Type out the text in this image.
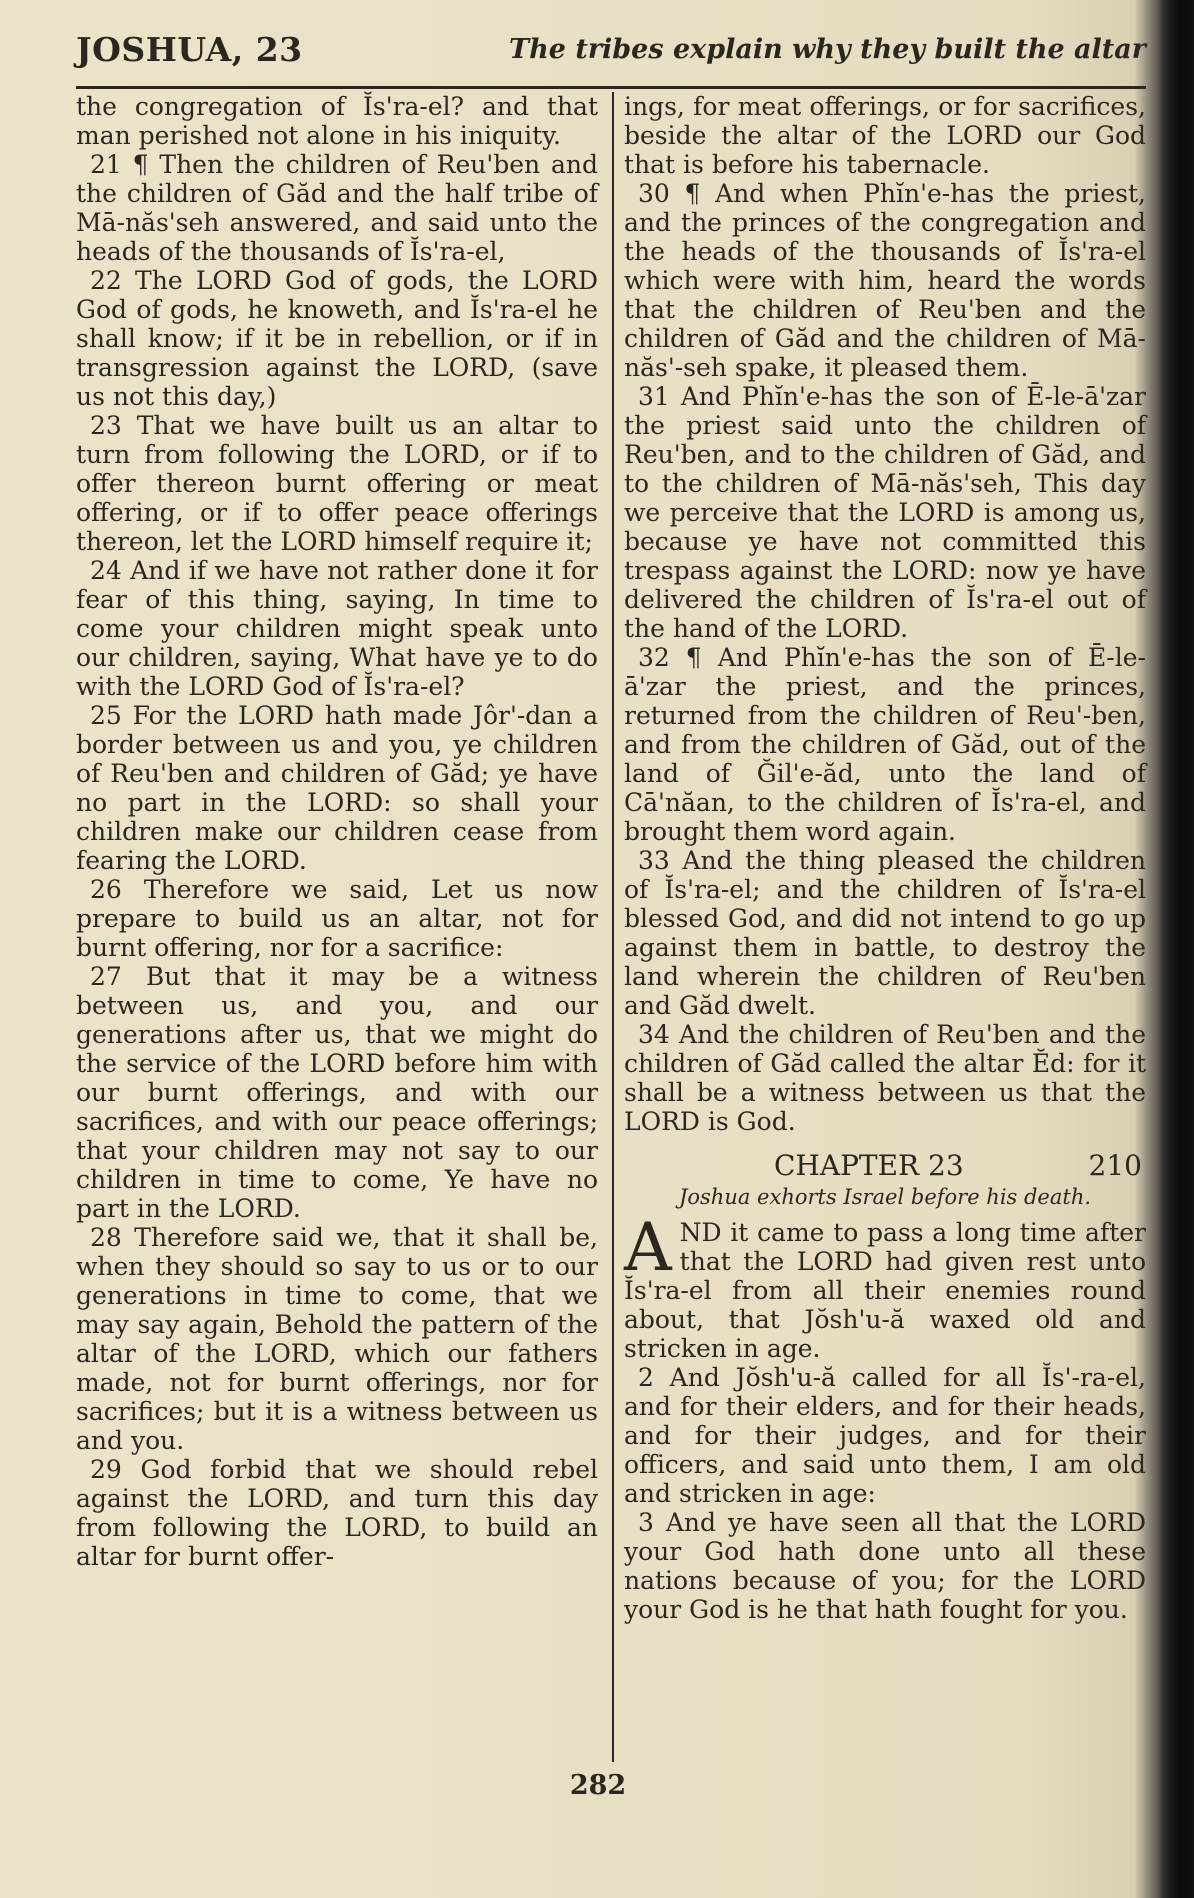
JOSHUA, 23	The tribes explain why they built the altar

the congregation of Ĭs'ra-el? and that man perished not alone in his iniquity.

21 ¶ Then the children of Reu'ben and the children of Găd and the half tribe of Mā-năs'seh answered, and said unto the heads of the thousands of Ĭs'ra-el,

22 The LORD God of gods, the LORD God of gods, he knoweth, and Ĭs'ra-el he shall know; if it be in rebellion, or if in transgression against the LORD, (save us not this day,)

23 That we have built us an altar to turn from following the LORD, or if to offer thereon burnt offering or meat offering, or if to offer peace offerings thereon, let the LORD himself require it;

24 And if we have not rather done it for fear of this thing, saying, In time to come your children might speak unto our children, saying, What have ye to do with the LORD God of Ĭs'ra-el?

25 For the LORD hath made Jôr'-dan a border between us and you, ye children of Reu'ben and children of Găd; ye have no part in the LORD: so shall your children make our children cease from fearing the LORD.

26 Therefore we said, Let us now prepare to build us an altar, not for burnt offering, nor for a sacrifice:

27 But that it may be a witness between us, and you, and our generations after us, that we might do the service of the LORD before him with our burnt offerings, and with our sacrifices, and with our peace offerings; that your children may not say to our children in time to come, Ye have no part in the LORD.

28 Therefore said we, that it shall be, when they should so say to us or to our generations in time to come, that we may say again, Behold the pattern of the altar of the LORD, which our fathers made, not for burnt offerings, nor for sacrifices; but it is a witness between us and you.

29 God forbid that we should rebel against the LORD, and turn this day from following the LORD, to build an altar for burnt offer-

ings, for meat offerings, or for sacrifices, beside the altar of the LORD our God that is before his tabernacle.

30 ¶ And when Phĭn'e-has the priest, and the princes of the congregation and the heads of the thousands of Ĭs'ra-el which were with him, heard the words that the children of Reu'ben and the children of Găd and the children of Mā-năs'-seh spake, it pleased them.

31 And Phĭn'e-has the son of Ē-le-ā'zar the priest said unto the children of Reu'ben, and to the children of Găd, and to the children of Mā-năs'seh, This day we perceive that the LORD is among us, because ye have not committed this trespass against the LORD: now ye have delivered the children of Ĭs'ra-el out of the hand of the LORD.

32 ¶ And Phĭn'e-has the son of Ē-le-ā'zar the priest, and the princes, returned from the children of Reu'-ben, and from the children of Găd, out of the land of Ğil'e-ăd, unto the land of Cā'năan, to the children of Ĭs'ra-el, and brought them word again.

33 And the thing pleased the children of Ĭs'ra-el; and the children of Ĭs'ra-el blessed God, and did not intend to go up against them in battle, to destroy the land wherein the children of Reu'ben and Găd dwelt.

34 And the children of Reu'ben and the children of Găd called the altar Ĕd: for it shall be a witness between us that the LORD is God.

CHAPTER 23	210
Joshua exhorts Israel before his death.

AND it came to pass a long time after that the LORD had given rest unto Ĭs'ra-el from all their enemies round about, that Jŏsh'u-ă waxed old and stricken in age.

2 And Jŏsh'u-ă called for all Ĭs'-ra-el, and for their elders, and for their heads, and for their judges, and for their officers, and said unto them, I am old and stricken in age:

3 And ye have seen all that the LORD your God hath done unto all these nations because of you; for the LORD your God is he that hath fought for you.

282
